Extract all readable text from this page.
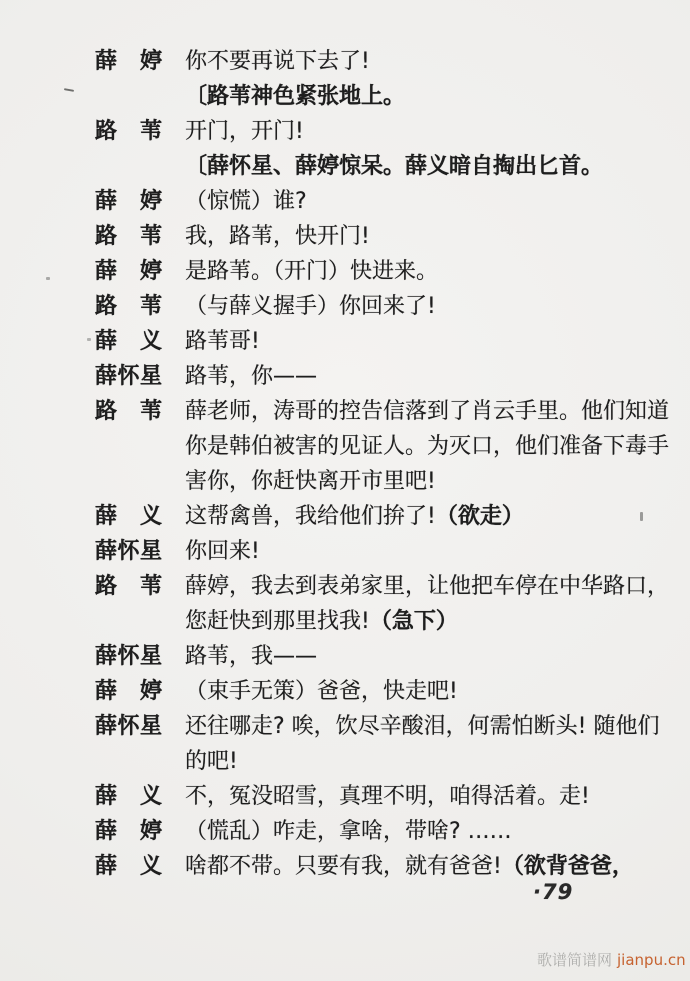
薛　婷 你不要再说下去了!
〔路苇神色紧张地上。
路　苇 开门，开门!
〔薛怀星、薛婷惊呆。薛义暗自掏出匕首。
薛　婷 （惊慌）谁?
路　苇 我，路苇，快开门!
薛　婷 是路苇。（开门）快进来。
路　苇 （与薛义握手）你回来了!
薛　义 路苇哥!
薛怀星 路苇，你——
路　苇 薛老师，涛哥的控告信落到了肖云手里。他们知道
你是韩伯被害的见证人。为灭口，他们准备下毒手
害你，你赶快离开市里吧!
薛　义 这帮禽兽，我给他们拚了!（欲走）
薛怀星 你回来!
路　苇 薛婷，我去到表弟家里，让他把车停在中华路口，
您赶快到那里找我!（急下）
薛怀星 路苇，我——
薛　婷 （束手无策）爸爸，快走吧!
薛怀星 还往哪走? 唉，饮尽辛酸泪，何需怕断头! 随他们
的吧!
薛　义 不，冤没昭雪，真理不明，咱得活着。走!
薛　婷 （慌乱）咋走，拿啥，带啥? ……
薛　义 啥都不带。只要有我，就有爸爸!（欲背爸爸，
·79
歌谱简谱网 jianpu.cn
